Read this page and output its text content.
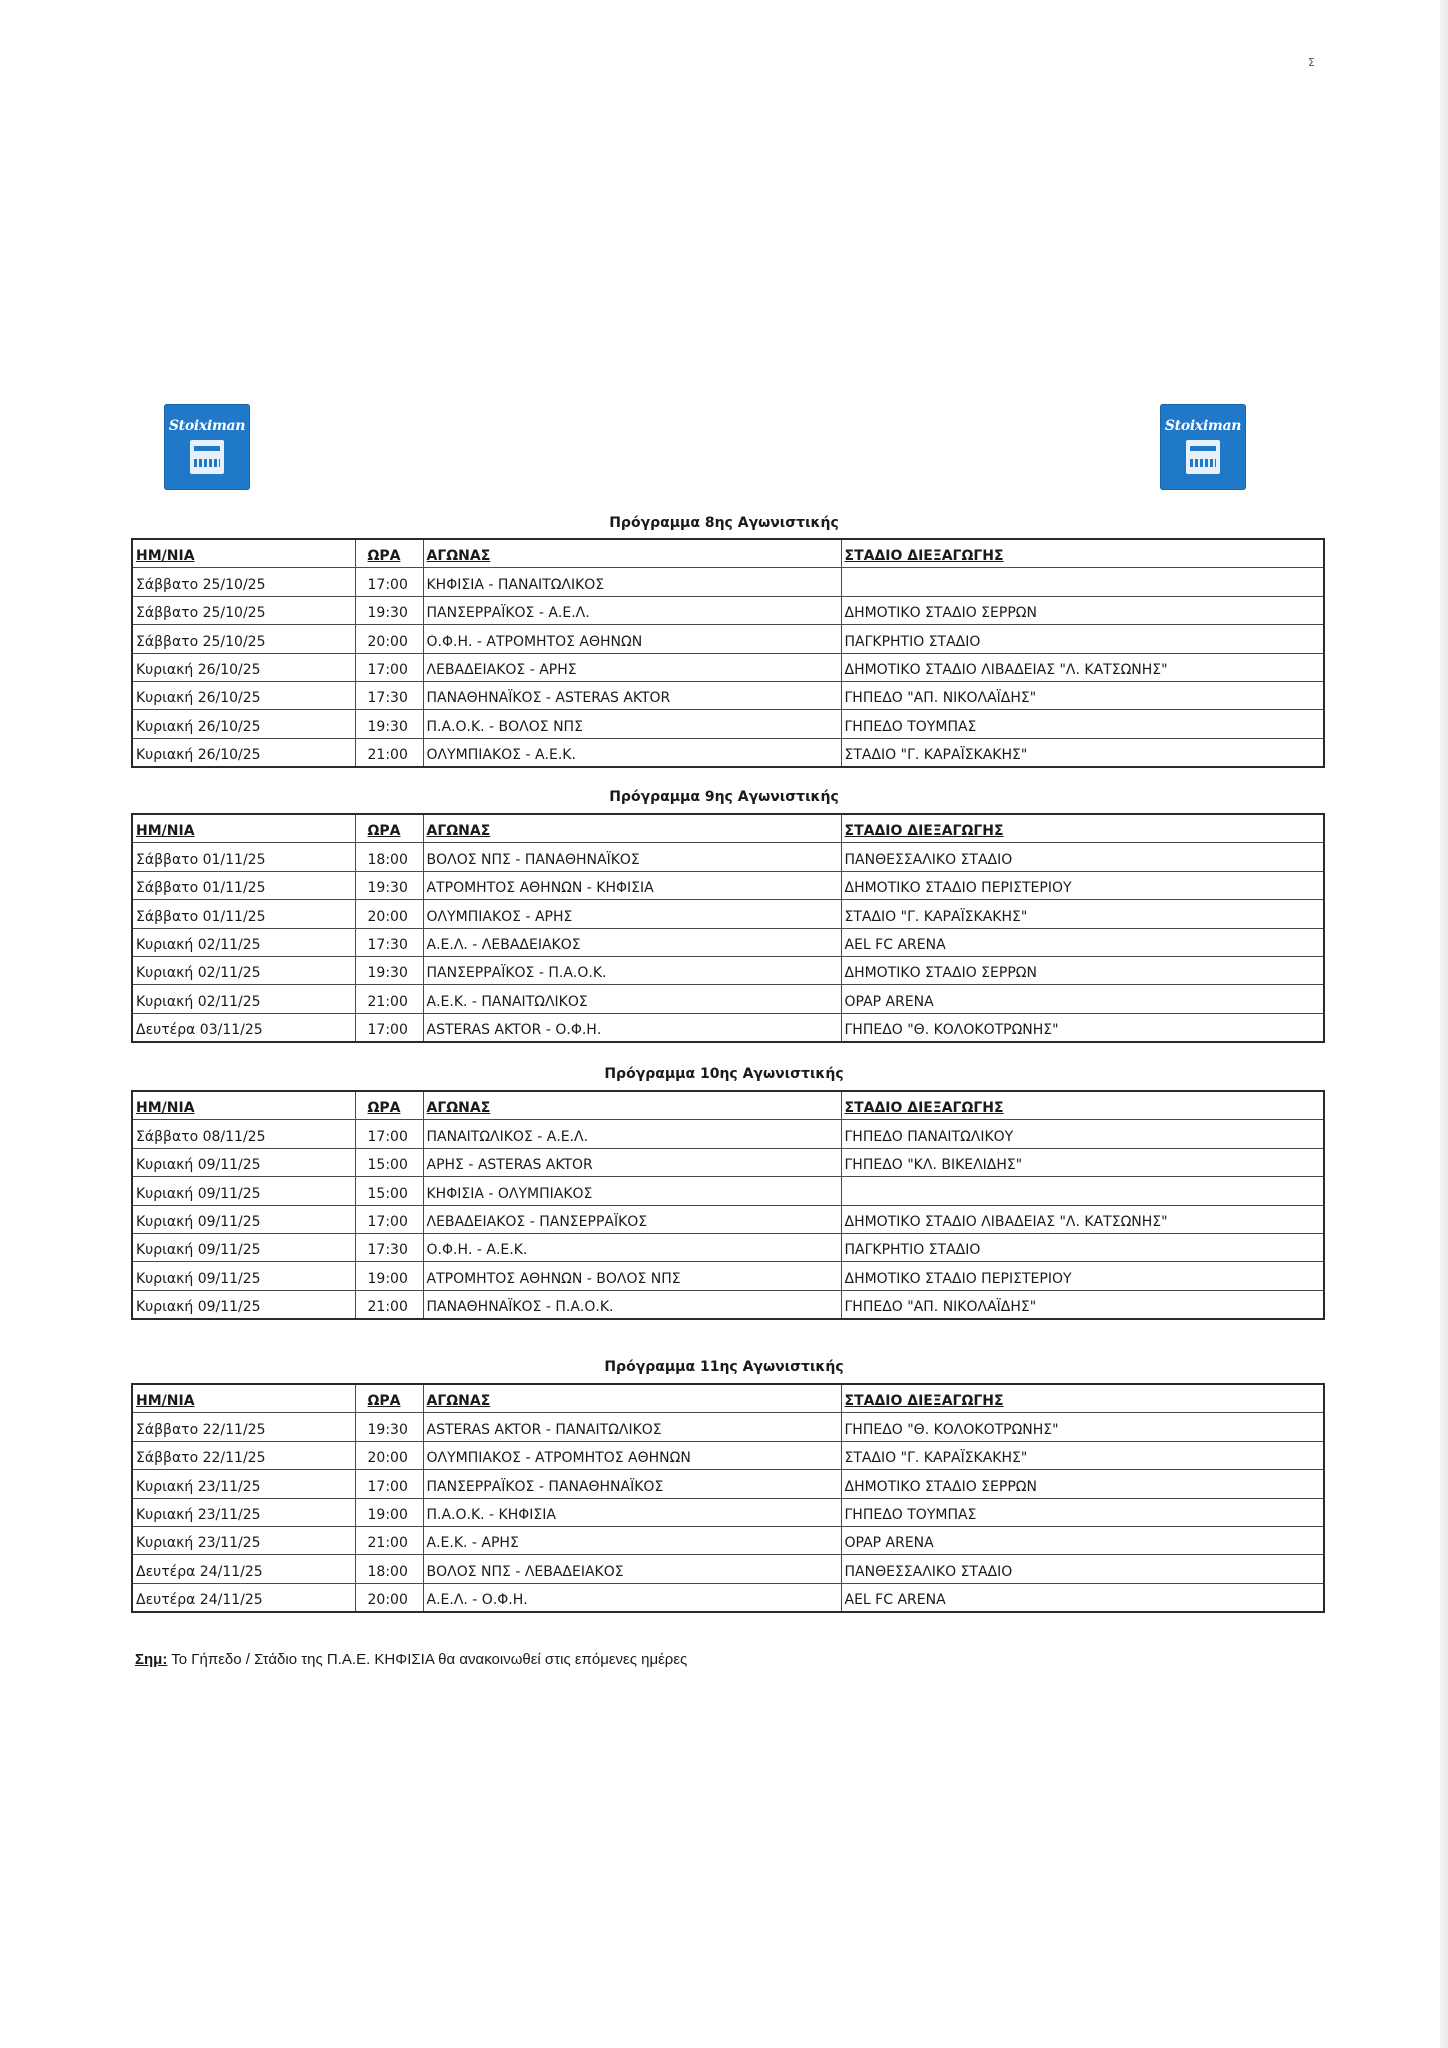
Σ
Stoiximan	Stoiximan
Πρόγραμμα 8ης Αγωνιστικής
ΗΜ/ΝΙΑ	ΩΡΑ	ΑΓΩΝΑΣ	ΣΤΑΔΙΟ ΔΙΕΞΑΓΩΓΗΣ
Σάββατο 25/10/25	17:00	ΚΗΦΙΣΙΑ - ΠΑΝΑΙΤΩΛΙΚΟΣ	
Σάββατο 25/10/25	19:30	ΠΑΝΣΕΡΡΑΪΚΟΣ - Α.Ε.Λ.	ΔΗΜΟΤΙΚΟ ΣΤΑΔΙΟ ΣΕΡΡΩΝ
Σάββατο 25/10/25	20:00	Ο.Φ.Η. - ΑΤΡΟΜΗΤΟΣ ΑΘΗΝΩΝ	ΠΑΓΚΡΗΤΙΟ ΣΤΑΔΙΟ
Κυριακή 26/10/25	17:00	ΛΕΒΑΔΕΙΑΚΟΣ - ΑΡΗΣ	ΔΗΜΟΤΙΚΟ ΣΤΑΔΙΟ ΛΙΒΑΔΕΙΑΣ "Λ. ΚΑΤΣΩΝΗΣ"
Κυριακή 26/10/25	17:30	ΠΑΝΑΘΗΝΑΪΚΟΣ - ASTERAS AKTOR	ΓΗΠΕΔΟ "ΑΠ. ΝΙΚΟΛΑΪΔΗΣ"
Κυριακή 26/10/25	19:30	Π.Α.Ο.Κ. - ΒΟΛΟΣ ΝΠΣ	ΓΗΠΕΔΟ ΤΟΥΜΠΑΣ
Κυριακή 26/10/25	21:00	ΟΛΥΜΠΙΑΚΟΣ - Α.Ε.Κ.	ΣΤΑΔΙΟ "Γ. ΚΑΡΑΪΣΚΑΚΗΣ"
Πρόγραμμα 9ης Αγωνιστικής
ΗΜ/ΝΙΑ	ΩΡΑ	ΑΓΩΝΑΣ	ΣΤΑΔΙΟ ΔΙΕΞΑΓΩΓΗΣ
Σάββατο 01/11/25	18:00	ΒΟΛΟΣ ΝΠΣ - ΠΑΝΑΘΗΝΑΪΚΟΣ	ΠΑΝΘΕΣΣΑΛΙΚΟ ΣΤΑΔΙΟ
Σάββατο 01/11/25	19:30	ΑΤΡΟΜΗΤΟΣ ΑΘΗΝΩΝ - ΚΗΦΙΣΙΑ	ΔΗΜΟΤΙΚΟ ΣΤΑΔΙΟ ΠΕΡΙΣΤΕΡΙΟΥ
Σάββατο 01/11/25	20:00	ΟΛΥΜΠΙΑΚΟΣ - ΑΡΗΣ	ΣΤΑΔΙΟ "Γ. ΚΑΡΑΪΣΚΑΚΗΣ"
Κυριακή 02/11/25	17:30	Α.Ε.Λ. - ΛΕΒΑΔΕΙΑΚΟΣ	AEL FC ARENA
Κυριακή 02/11/25	19:30	ΠΑΝΣΕΡΡΑΪΚΟΣ - Π.Α.Ο.Κ.	ΔΗΜΟΤΙΚΟ ΣΤΑΔΙΟ ΣΕΡΡΩΝ
Κυριακή 02/11/25	21:00	Α.Ε.Κ. - ΠΑΝΑΙΤΩΛΙΚΟΣ	OPAP ARENA
Δευτέρα 03/11/25	17:00	ASTERAS AKTOR - Ο.Φ.Η.	ΓΗΠΕΔΟ "Θ. ΚΟΛΟΚΟΤΡΩΝΗΣ"
Πρόγραμμα 10ης Αγωνιστικής
ΗΜ/ΝΙΑ	ΩΡΑ	ΑΓΩΝΑΣ	ΣΤΑΔΙΟ ΔΙΕΞΑΓΩΓΗΣ
Σάββατο 08/11/25	17:00	ΠΑΝΑΙΤΩΛΙΚΟΣ - Α.Ε.Λ.	ΓΗΠΕΔΟ ΠΑΝΑΙΤΩΛΙΚΟΥ
Κυριακή 09/11/25	15:00	ΑΡΗΣ - ASTERAS AKTOR	ΓΗΠΕΔΟ "ΚΛ. ΒΙΚΕΛΙΔΗΣ"
Κυριακή 09/11/25	15:00	ΚΗΦΙΣΙΑ - ΟΛΥΜΠΙΑΚΟΣ	
Κυριακή 09/11/25	17:00	ΛΕΒΑΔΕΙΑΚΟΣ - ΠΑΝΣΕΡΡΑΪΚΟΣ	ΔΗΜΟΤΙΚΟ ΣΤΑΔΙΟ ΛΙΒΑΔΕΙΑΣ "Λ. ΚΑΤΣΩΝΗΣ"
Κυριακή 09/11/25	17:30	Ο.Φ.Η. - Α.Ε.Κ.	ΠΑΓΚΡΗΤΙΟ ΣΤΑΔΙΟ
Κυριακή 09/11/25	19:00	ΑΤΡΟΜΗΤΟΣ ΑΘΗΝΩΝ - ΒΟΛΟΣ ΝΠΣ	ΔΗΜΟΤΙΚΟ ΣΤΑΔΙΟ ΠΕΡΙΣΤΕΡΙΟΥ
Κυριακή 09/11/25	21:00	ΠΑΝΑΘΗΝΑΪΚΟΣ - Π.Α.Ο.Κ.	ΓΗΠΕΔΟ "ΑΠ. ΝΙΚΟΛΑΪΔΗΣ"
Πρόγραμμα 11ης Αγωνιστικής
ΗΜ/ΝΙΑ	ΩΡΑ	ΑΓΩΝΑΣ	ΣΤΑΔΙΟ ΔΙΕΞΑΓΩΓΗΣ
Σάββατο 22/11/25	19:30	ASTERAS AKTOR - ΠΑΝΑΙΤΩΛΙΚΟΣ	ΓΗΠΕΔΟ "Θ. ΚΟΛΟΚΟΤΡΩΝΗΣ"
Σάββατο 22/11/25	20:00	ΟΛΥΜΠΙΑΚΟΣ - ΑΤΡΟΜΗΤΟΣ ΑΘΗΝΩΝ	ΣΤΑΔΙΟ "Γ. ΚΑΡΑΪΣΚΑΚΗΣ"
Κυριακή 23/11/25	17:00	ΠΑΝΣΕΡΡΑΪΚΟΣ - ΠΑΝΑΘΗΝΑΪΚΟΣ	ΔΗΜΟΤΙΚΟ ΣΤΑΔΙΟ ΣΕΡΡΩΝ
Κυριακή 23/11/25	19:00	Π.Α.Ο.Κ. - ΚΗΦΙΣΙΑ	ΓΗΠΕΔΟ ΤΟΥΜΠΑΣ
Κυριακή 23/11/25	21:00	Α.Ε.Κ. - ΑΡΗΣ	OPAP ARENA
Δευτέρα 24/11/25	18:00	ΒΟΛΟΣ ΝΠΣ - ΛΕΒΑΔΕΙΑΚΟΣ	ΠΑΝΘΕΣΣΑΛΙΚΟ ΣΤΑΔΙΟ
Δευτέρα 24/11/25	20:00	Α.Ε.Λ. - Ο.Φ.Η.	AEL FC ARENA
Σημ: Το Γήπεδο / Στάδιο της Π.Α.Ε. ΚΗΦΙΣΙΑ θα ανακοινωθεί στις επόμενες ημέρες
